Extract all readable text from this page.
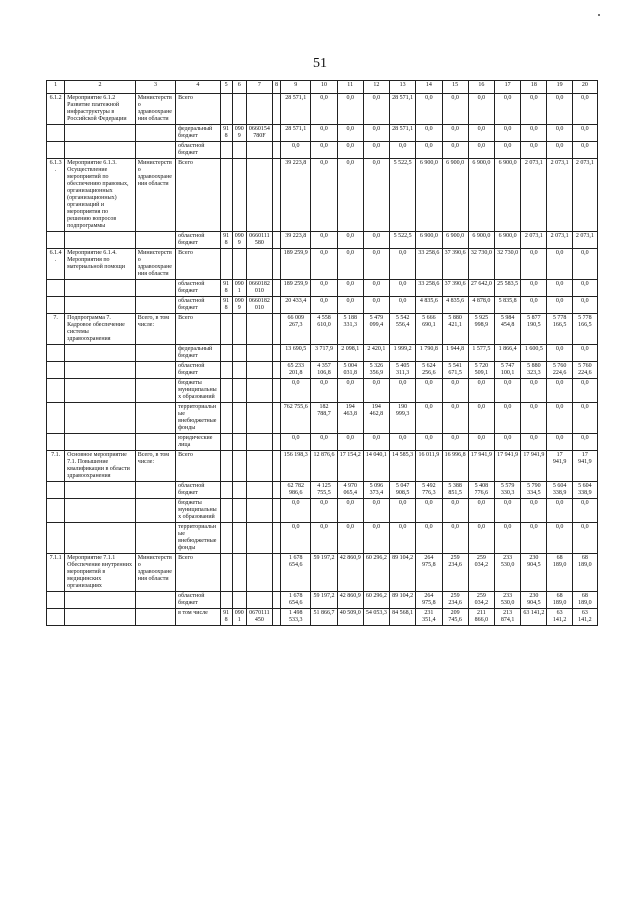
51
1	2	3	4	5	6	7	8	9	10	11	12	13	14	15	16	17	18	19	20
6.1.2	Мероприятие 6.1.2 Развитие платежной инфраструктуры в Российской Федерации	Министерство здравоохранения области	Всего					28 571,1	0,0	0,0	0,0	28 571,1	0,0	0,0	0,0	0,0	0,0	0,0	0,0
			федеральный бюджет	918	0909	0660154780F		28 571,1	0,0	0,0	0,0	28 571,1	0,0	0,0	0,0	0,0	0,0	0,0	0,0
			областной бюджет					0,0	0,0	0,0	0,0	0,0	0,0	0,0	0,0	0,0	0,0	0,0	0,0
6.1.3.	Мероприятие 6.1.3. Осуществление мероприятий по обеспечению правовых, организационных (организационных) организаций и мероприятия по решению вопросов подпрограммы	Министерство здравоохранения области	Всего					39 223,8	0,0	0,0	0,0	5 522,5	6 900,0	6 900,0	6 900,0	6 900,0	2 073,1	2 073,1	2 073,1
			областной бюджет	918	0909	0660111580		39 223,8	0,0	0,0	0,0	5 522,5	6 900,0	6 900,0	6 900,0	6 900,0	2 073,1	2 073,1	2 073,1
6.1.4.	Мероприятие 6.1.4. Мероприятия по материальной помощи	Министерство здравоохранения области	Всего					189 259,9	0,0	0,0	0,0	0,0	33 258,6	37 390,6	32 730,0	32 730,0	0,0	0,0	0,0
			областной бюджет	918	0901	0660182010		189 259,9	0,0	0,0	0,0	0,0	33 258,6	37 390,6	27 642,0	25 583,5	0,0	0,0	0,0
			областной бюджет	918	0909	0660182010		20 433,4	0,0	0,0	0,0	0,0	4 835,6	4 835,6	4 878,0	5 835,8	0,0	0,0	0,0
7.	Подпрограмма 7. Кадровое обеспечение системы здравоохранения	Всего, в том числе:	Всего					66 009 267,3	4 558 610,0	5 188 331,3	5 479 099,4	5 542 556,4	5 666 690,1	5 880 421,1	5 925 998,9	5 984 454,8	5 877 190,5	5 778 166,5	5 778 166,5
			федеральный бюджет					13 690,5	3 717,9	2 098,1	2 420,1	1 999,2	1 790,8	1 944,8	1 577,5	1 866,4	1 600,5	0,0	0,0
			областной бюджет					65 233 201,8	4 357 106,8	5 004 031,8	5 326 356,9	5 405 311,3	5 624 256,6	5 541 671,5	5 720 509,1	5 747 100,1	5 880 323,3	5 760 224,6	5 760 224,6
			бюджеты муниципальных образований					0,0	0,0	0,0	0,0	0,0	0,0	0,0	0,0	0,0	0,0	0,0	0,0
			территориальные внебюджетные фонды					762 755,6	182 788,7	194 463,8	194 462,8	190 999,3	0,0	0,0	0,0	0,0	0,0	0,0	0,0
			юридические лица					0,0	0,0	0,0	0,0	0,0	0,0	0,0	0,0	0,0	0,0	0,0	0,0
7.1.	Основное мероприятие 7.1. Повышение квалификации в области здравоохранения	Всего, в том числе:	Всего					156 198,3	12 876,6	17 154,2	14 040,1	14 585,3	16 011,9	16 996,8	17 941,9	17 941,9	17 941,9	17 941,9	17 941,9
			областной бюджет					62 782 986,6	4 125 755,5	4 970 065,4	5 096 373,4	5 047 908,5	5 492 776,3	5 388 851,5	5 408 776,6	5 579 330,3	5 790 334,5	5 604 338,9	5 604 338,9
			бюджеты муниципальных образований					0,0	0,0	0,0	0,0	0,0	0,0	0,0	0,0	0,0	0,0	0,0	0,0
			территориальные внебюджетные фонды					0,0	0,0	0,0	0,0	0,0	0,0	0,0	0,0	0,0	0,0	0,0	0,0
7.1.1	Мероприятие 7.1.1 Обеспечение внутренних мероприятий в медицинских организациях	Министерство здравоохранения области	Всего					1 678 654,6	59 197,2	42 860,9	60 296,2	89 104,2	264 975,8	259 234,6	259 034,2	233 530,0	230 904,5	68 189,0	68 189,0
			областной бюджет					1 678 654,6	59 197,2	42 860,9	60 296,2	89 104,2	264 975,8	259 234,6	259 034,2	233 530,0	230 904,5	68 189,0	68 189,0
			в том числе	918	0901	0670111450		1 498 533,3	51 866,7	40 509,0	54 053,3	84 568,1	231 351,4	209 745,6	211 866,0	213 874,1	63 141,2	63 141,2	63 141,2
